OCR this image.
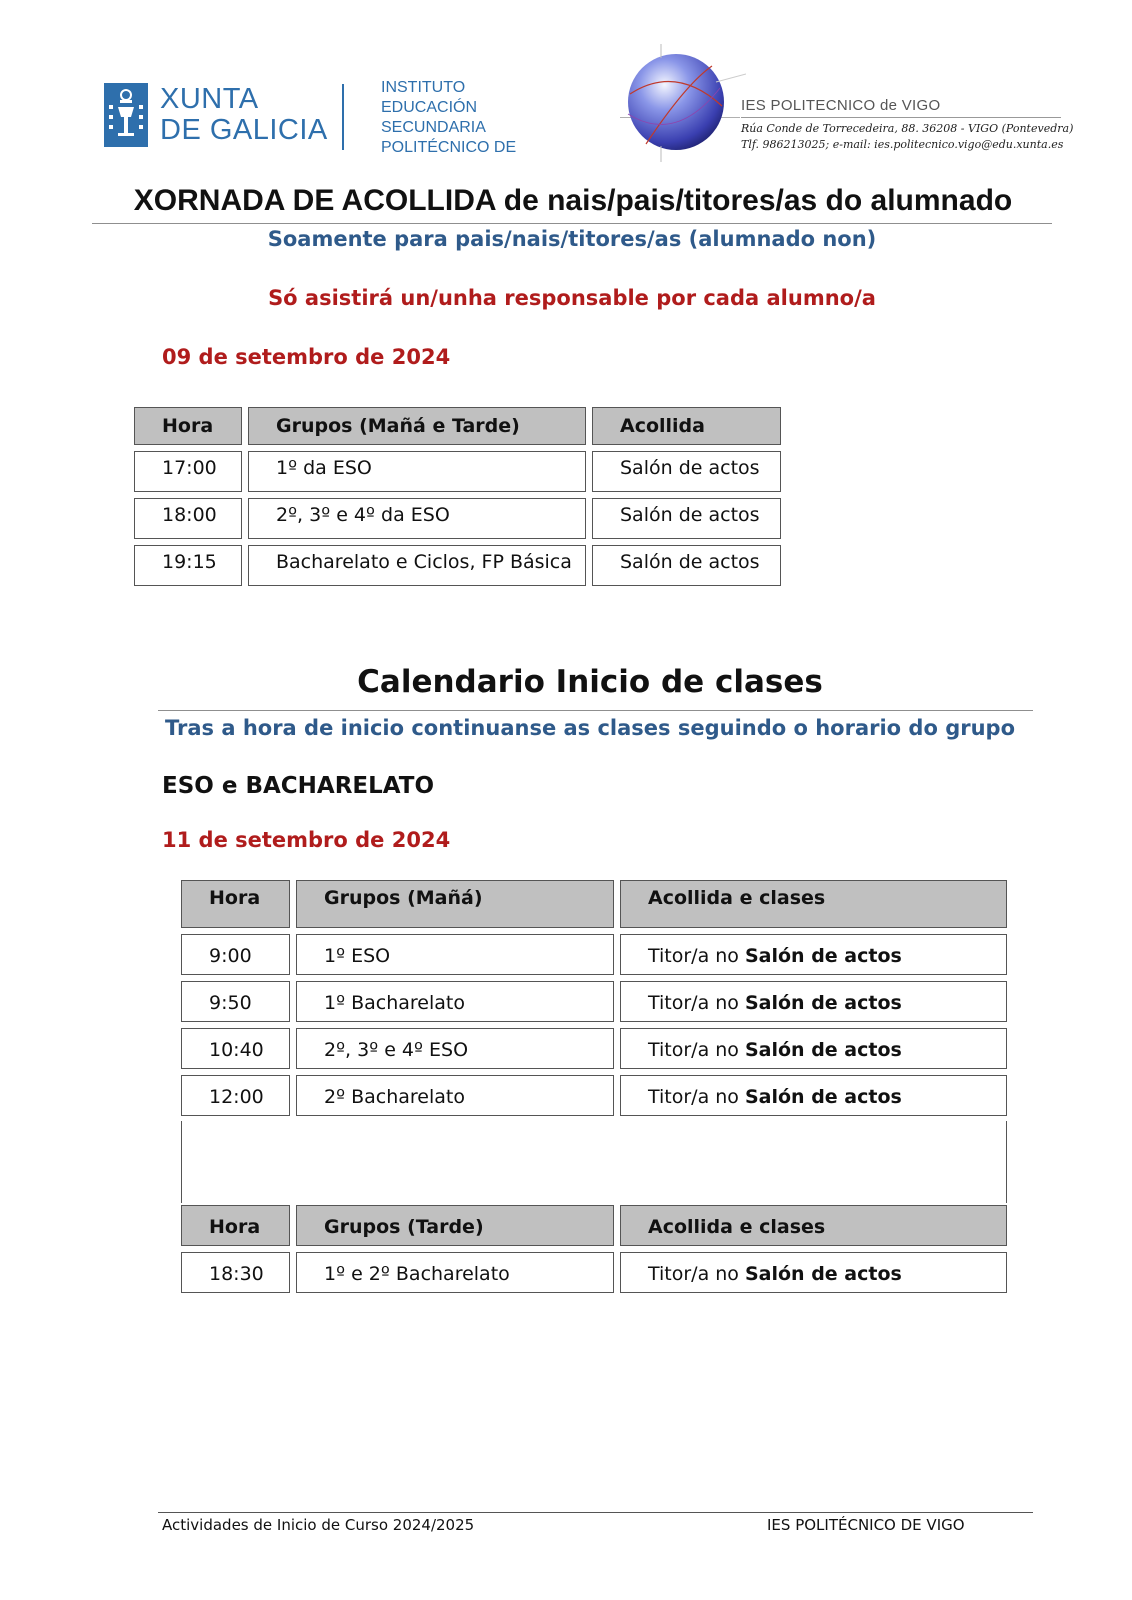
XUNTA
DE GALICIA
INSTITUTO
EDUCACIÓN
SECUNDARIA
POLITÉCNICO DE
IES POLITECNICO de VIGO
Rúa Conde de Torrecedeira, 88. 36208 - VIGO (Pontevedra)
Tlf. 986213025; e-mail: ies.politecnico.vigo@edu.xunta.es
XORNADA DE ACOLLIDA de nais/pais/titores/as do alumnado
Soamente para pais/nais/titores/as (alumnado non)
Só asistirá un/unha responsable por cada alumno/a
09 de setembro de 2024
Hora	Grupos (Mañá e Tarde)	Acollida
17:00	1º da ESO	Salón de actos
18:00	2º, 3º e 4º da ESO	Salón de actos
19:15	Bacharelato e Ciclos, FP Básica	Salón de actos
Calendario Inicio de clases
Tras a hora de inicio continuanse as clases seguindo o horario do grupo
ESO e BACHARELATO
11 de setembro de 2024
Hora	Grupos (Mañá)	Acollida e clases
9:00	1º ESO	Titor/a no Salón de actos
9:50	1º Bacharelato	Titor/a no Salón de actos
10:40	2º, 3º e 4º ESO	Titor/a no Salón de actos
12:00	2º Bacharelato	Titor/a no Salón de actos
Hora	Grupos (Tarde)	Acollida e clases
18:30	1º e 2º Bacharelato	Titor/a no Salón de actos
Actividades de Inicio de Curso 2024/2025	IES POLITÉCNICO DE VIGO
